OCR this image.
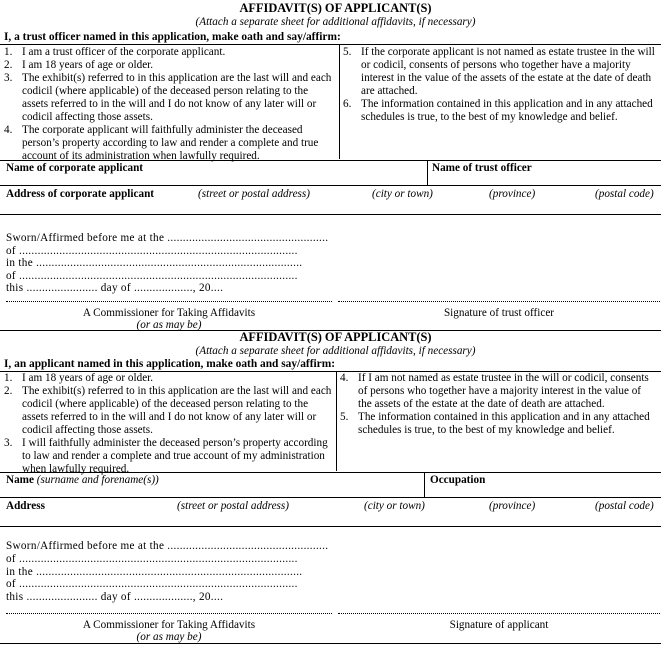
AFFIDAVIT(S) OF APPLICANT(S)
(Attach a separate sheet for additional affidavits, if necessary)
I, a trust officer named in this application, make oath and say/affirm:
1. I am a trust officer of the corporate applicant.
2. I am 18 years of age or older.
3. The exhibit(s) referred to in this application are the last will and each codicil (where applicable) of the deceased person relating to the assets referred to in the will and I do not know of any later will or codicil affecting those assets.
4. The corporate applicant will faithfully administer the deceased person’s property according to law and render a complete and true account of its administration when lawfully required.
5. If the corporate applicant is not named as estate trustee in the will or codicil, consents of persons who together have a majority interest in the value of the assets of the estate at the date of death are attached.
6. The information contained in this application and in any attached schedules is true, to the best of my knowledge and belief.
Name of corporate applicant	Name of trust officer
Address of corporate applicant	(street or postal address)	(city or town)	(province)	(postal code)
Sworn/Affirmed before me at the ....................................................
of ..........................................................................................
in the ......................................................................................
of ..........................................................................................
this ....................... day of ..................., 20....
A Commissioner for Taking Affidavits
(or as may be)
Signature of trust officer
AFFIDAVIT(S) OF APPLICANT(S)
(Attach a separate sheet for additional affidavits, if necessary)
I, an applicant named in this application, make oath and say/affirm:
1. I am 18 years of age or older.
2. The exhibit(s) referred to in this application are the last will and each codicil (where applicable) of the deceased person relating to the assets referred to in the will and I do not know of any later will or codicil affecting those assets.
3. I will faithfully administer the deceased person’s property according to law and render a complete and true account of my administration when lawfully required.
4. If I am not named as estate trustee in the will or codicil, consents of persons who together have a majority interest in the value of the assets of the estate at the date of death are attached.
5. The information contained in this application and in any attached schedules is true, to the best of my knowledge and belief.
Name (surname and forename(s))	Occupation
Address	(street or postal address)	(city or town)	(province)	(postal code)
Sworn/Affirmed before me at the ....................................................
of ..........................................................................................
in the ......................................................................................
of ..........................................................................................
this ....................... day of ..................., 20....
A Commissioner for Taking Affidavits
(or as may be)
Signature of applicant
